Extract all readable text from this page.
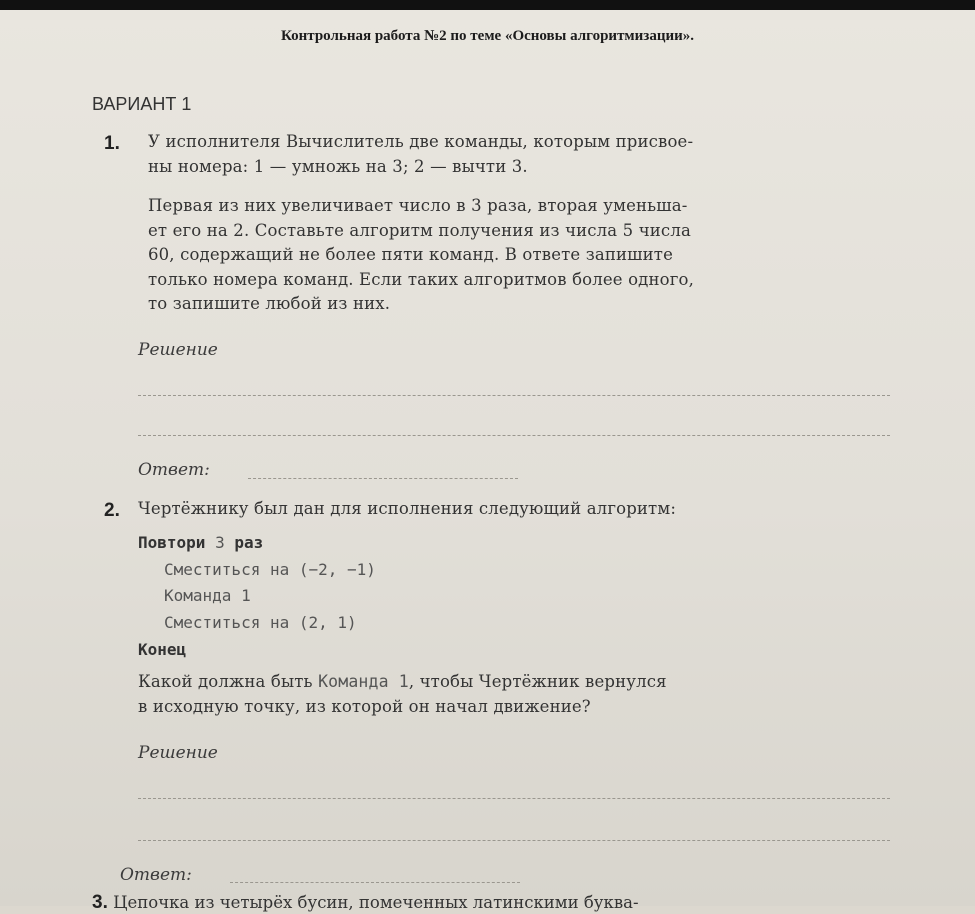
Контрольная работа №2 по теме «Основы алгоритмизации».
ВАРИАНТ 1
1. У исполнителя Вычислитель две команды, которым присвое-

ны номера: 1 — умножь на 3; 2 — вычти 3.

Первая из них увеличивает число в 3 раза, вторая уменьша-

ет его на 2. Составьте алгоритм получения из числа 5 числа

60, содержащий не более пяти команд. В ответе запишите

только номера команд. Если таких алгоритмов более одного,

то запишите любой из них.

Решение
Ответ:
2. Чертёжнику был дан для исполнения следующий алгоритм:
Повтори 3 раз
Сместиться на (−2, −1)
Команда 1
Сместиться на (2, 1)
Конец

Какой должна быть Команда 1, чтобы Чертёжник вернулся

в исходную точку, из которой он начал движение?

Решение
Ответ:
3. Цепочка из четырёх бусин, помеченных латинскими буква-
